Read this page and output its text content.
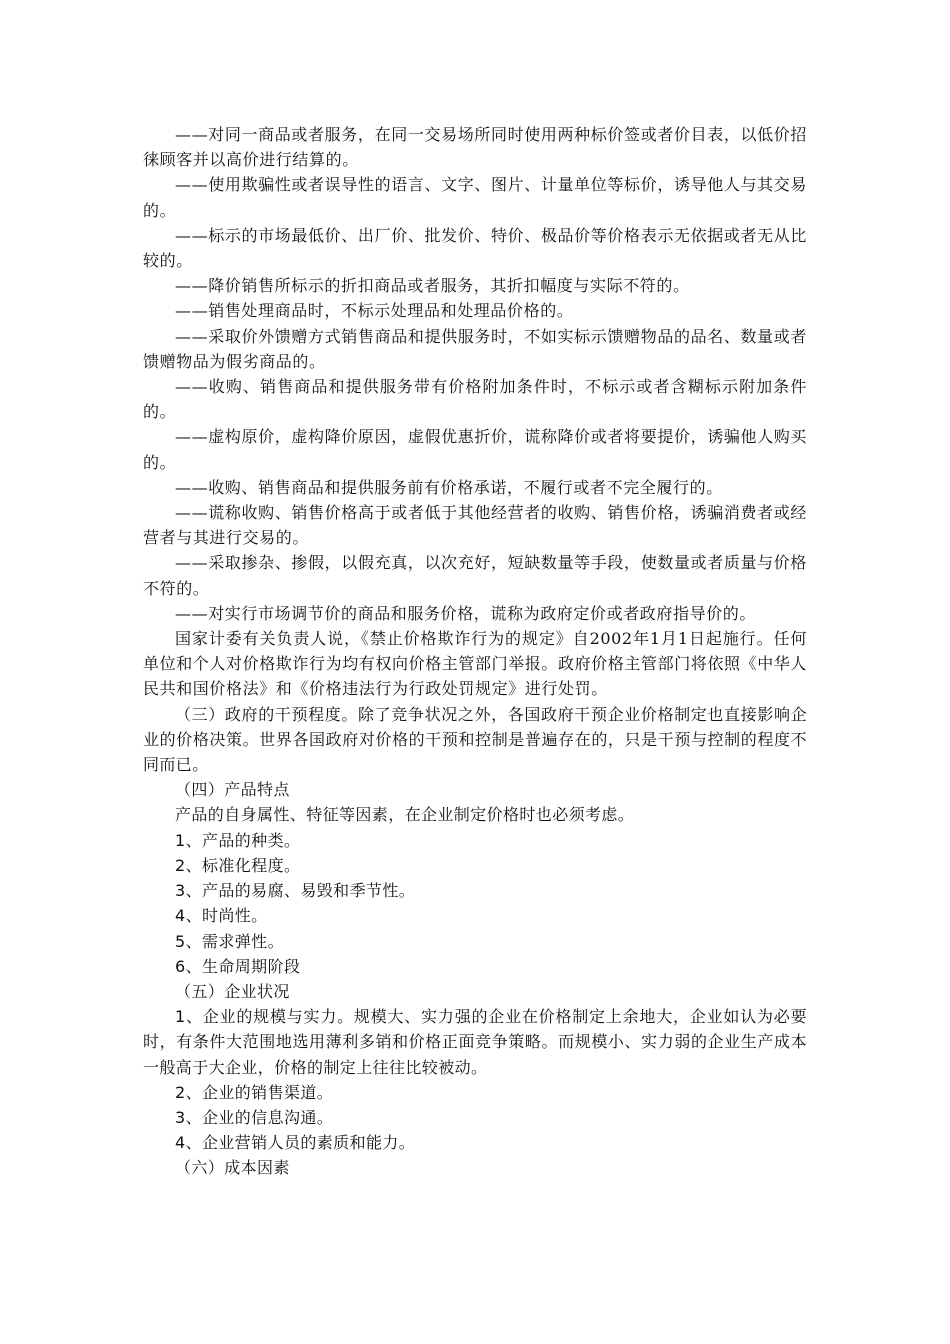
——对同一商品或者服务，在同一交易场所同时使用两种标价签或者价目表，以低价招徕顾客并以高价进行结算的。

——使用欺骗性或者误导性的语言、文字、图片、计量单位等标价，诱导他人与其交易的。

——标示的市场最低价、出厂价、批发价、特价、极品价等价格表示无依据或者无从比较的。

——降价销售所标示的折扣商品或者服务，其折扣幅度与实际不符的。

——销售处理商品时，不标示处理品和处理品价格的。

——采取价外馈赠方式销售商品和提供服务时，不如实标示馈赠物品的品名、数量或者馈赠物品为假劣商品的。

——收购、销售商品和提供服务带有价格附加条件时，不标示或者含糊标示附加条件的。

——虚构原价，虚构降价原因，虚假优惠折价，谎称降价或者将要提价，诱骗他人购买的。

——收购、销售商品和提供服务前有价格承诺，不履行或者不完全履行的。

——谎称收购、销售价格高于或者低于其他经营者的收购、销售价格，诱骗消费者或经营者与其进行交易的。

——采取掺杂、掺假，以假充真，以次充好，短缺数量等手段，使数量或者质量与价格不符的。

——对实行市场调节价的商品和服务价格，谎称为政府定价或者政府指导价的。

国家计委有关负责人说，《禁止价格欺诈行为的规定》自2002年1月1日起施行。任何单位和个人对价格欺诈行为均有权向价格主管部门举报。政府价格主管部门将依照《中华人民共和国价格法》和《价格违法行为行政处罚规定》进行处罚。

（三）政府的干预程度。除了竞争状况之外，各国政府干预企业价格制定也直接影响企业的价格决策。世界各国政府对价格的干预和控制是普遍存在的，只是干预与控制的程度不同而已。

（四）产品特点

产品的自身属性、特征等因素，在企业制定价格时也必须考虑。

1、产品的种类。

2、标准化程度。

3、产品的易腐、易毁和季节性。

4、时尚性。

5、需求弹性。

6、生命周期阶段

（五）企业状况

1、企业的规模与实力。规模大、实力强的企业在价格制定上余地大，企业如认为必要时，有条件大范围地选用薄利多销和价格正面竞争策略。而规模小、实力弱的企业生产成本一般高于大企业，价格的制定上往往比较被动。

2、企业的销售渠道。

3、企业的信息沟通。

4、企业营销人员的素质和能力。

（六）成本因素
